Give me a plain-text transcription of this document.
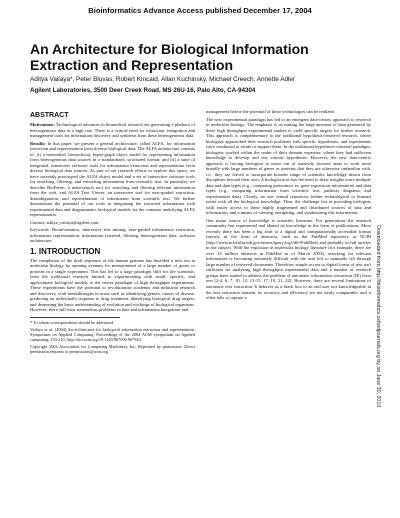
Bioinformatics Advance Access published December 17, 2004
An Architecture for Biological Information Extraction and Representation
Aditya Vailaya*, Peter Bluvas, Robert Kincaid, Allan Kuchinsky, Michael Creech, Annette Adler
Agilent Laboratories, 3500 Deer Creek Road, MS 26U-16, Palo Alto, CA-94304
ABSTRACT

Motivations: Technological advances in biomedical research are generating a plethora of heterogeneous data at a high rate. There is a critical need for extraction, integration and management tools for information discovery and synthesis from these heterogeneous data.

Results: In this paper, we present a general architecture, called ALFA, for information extraction and representation from diverse biological data. The ALFA architecture consists of: (i) a networked, hierarchical, hyper-graph object model for representing information from heterogeneous data sources in a standardized, structured format; and (ii) a suite of integrated, interactive software tools for information extraction and representation from diverse biological data sources. As part of our research efforts to explore this space, we have currently prototyped the ALFA object model and a set of interactive software tools for searching, filtering, and extracting information from scientific text. In particular, we describe BioFerret, a meta-search tool for searching and filtering relevant information from the web, and ALFA Text Viewer, an interactive tool for user-guided extraction, disambiguation, and representation of information from scientific text. We further demonstrate the potential of our tools in integrating the extracted information with experimental data and diagrammatic biological models via the common underlying ALFA representation.

Contact: aditya_vailaya@agilent.com

Keywords: Bioinformatics, interactive text mining, user-guided information extraction, information representation, information retrieval, filtering, heterogeneous data, software architecture.

1. INTRODUCTION

The completion of the draft sequence of the human genome has heralded a new era in molecular biology by opening avenues for measurement of a large number of genes or proteins in a single experiment. This has led to a large paradigm shift for life scientists, from the traditional research limited to experimenting with small, specific, and approximate biological models to the newer paradigm of high throughput experiments. These experiments have the potential to revolutionize academic and industrial research and discovery, with breakthroughs in areas such as identifying genetic causes of disease, predicting an individual's response to drug treatment, identifying biological drug targets, and deepening the basic understanding of evolution and workings of biological organisms. However, there still exist tremendous problems in data and information integration and

* To whom correspondence should be addressed

Vailaya et al. (2004) An architecture for biological information extraction and representation. Symposium on Applied Computing, Proceedings of the 2004 ACM symposium on Applied computing, 103-110; http://doi.acm.org/10.1145/967900.967924

Copyright 2004 Association for Computing Machinery, Inc. Reprinted by permission. Direct permission requests to permissions@acm.org

management before the potential of these technologies can be realized.

The new experimental paradigm has led to an emergent data-centric approach to research in molecular biology. The emphasis is on mining the large amounts of data generated by these high throughput experimental studies to yield specific targets for further research. This approach is complementary to the traditional hypothesis-centered research, where biologists approached their research problems with specific hypotheses, and experiments were conducted to refute or support them. In the traditional hypothesis-centered paradigm, biologists worked within the realm of their domain expertise, where they had sufficient knowledge to develop and test various hypotheses. However, the new data-centric approach is forcing biologists to move out of narrowly focused areas to work more broadly with large numbers of genes or proteins that they are otherwise unfamiliar with, i.e., they are forced to incorporate broader range of scientific knowledge drawn from disciplines beyond their own. A biologist now has the need to draw insights more multiple data and data types (e.g., comparing proteomics vs. gene expression information) and data types (e.g., comparing information from scientific text, pathway diagrams, and experimental data). Clearly, no one central repository (either technological or human) exists with all the biological knowledge. Thus, the challenge lies in providing biologists with easier access to these highly fragmented and distributed sources of data and information, and a means of viewing, navigating, and synthesizing this information.

One major source of knowledge is scientific literature. For generations the research community has represented and shared its knowledge in the form of publications. More recently there has been a big shift to a digital and computationally accessible format (mostly in the form of abstracts, such as the PubMed repository at NCBI (http://www.ncbi.nlm.nih.gov/entrez/query.fcgi?db=PubMed) and probably in full articles in the future). With the explosion in molecular biology literature (for example, there are over 14 million abstracts in PubMed as of March 2004), searching for relevant information is becoming extremely difficult with the user left to manually sift through large number of retrieved documents. Therefore, simple access to digital forms of text isn't sufficient for analyzing high throughput experimental data and a number of research groups have started to address the problem of automatic information extraction (IE) from text [2-4, 6, 7, 10, 12, 13-15, 17, 19, 21, 22]. However, there are several limitations of automatic text extraction. It behaves as a black box to an end user not knowledgeable in the text extraction domain, its accuracy and efficiency are not easily comparable, and it often fails to capture a	Downloaded from http://bioinformatics.oxfordjournals.org by on June 30, 2010
